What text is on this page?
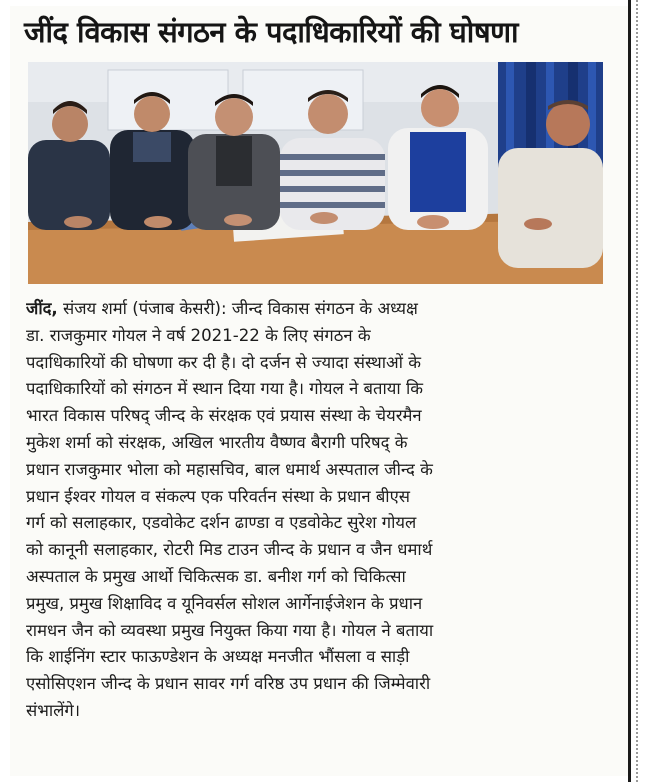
जींद विकास संगठन के पदाधिकारियों की घोषणा
जींद, संजय शर्मा (पंजाब केसरी): जीन्द विकास संगठन के अध्यक्ष
डा. राजकुमार गोयल ने वर्ष 2021-22 के लिए संगठन के
पदाधिकारियों की घोषणा कर दी है। दो दर्जन से ज्यादा संस्थाओं के
पदाधिकारियों को संगठन में स्थान दिया गया है। गोयल ने बताया कि
भारत विकास परिषद् जीन्द के संरक्षक एवं प्रयास संस्था के चेयरमैन
मुकेश शर्मा को संरक्षक, अखिल भारतीय वैष्णव बैरागी परिषद् के
प्रधान राजकुमार भोला को महासचिव, बाल धमार्थ अस्पताल जीन्द के
प्रधान ईश्वर गोयल व संकल्प एक परिवर्तन संस्था के प्रधान बीएस
गर्ग को सलाहकार, एडवोकेट दर्शन ढाण्डा व एडवोकेट सुरेश गोयल
को कानूनी सलाहकार, रोटरी मिड टाउन जीन्द के प्रधान व जैन धमार्थ
अस्पताल के प्रमुख आर्थो चिकित्सक डा. बनीश गर्ग को चिकित्सा
प्रमुख, प्रमुख शिक्षाविद व यूनिवर्सल सोशल आर्गेनाईजेशन के प्रधान
रामधन जैन को व्यवस्था प्रमुख नियुक्त किया गया है। गोयल ने बताया
कि शाईनिंग स्टार फाऊण्डेशन के अध्यक्ष मनजीत भौंसला व साड़ी
एसोसिएशन जीन्द के प्रधान सावर गर्ग वरिष्ठ उप प्रधान की जिम्मेवारी
संभालेंगे।
